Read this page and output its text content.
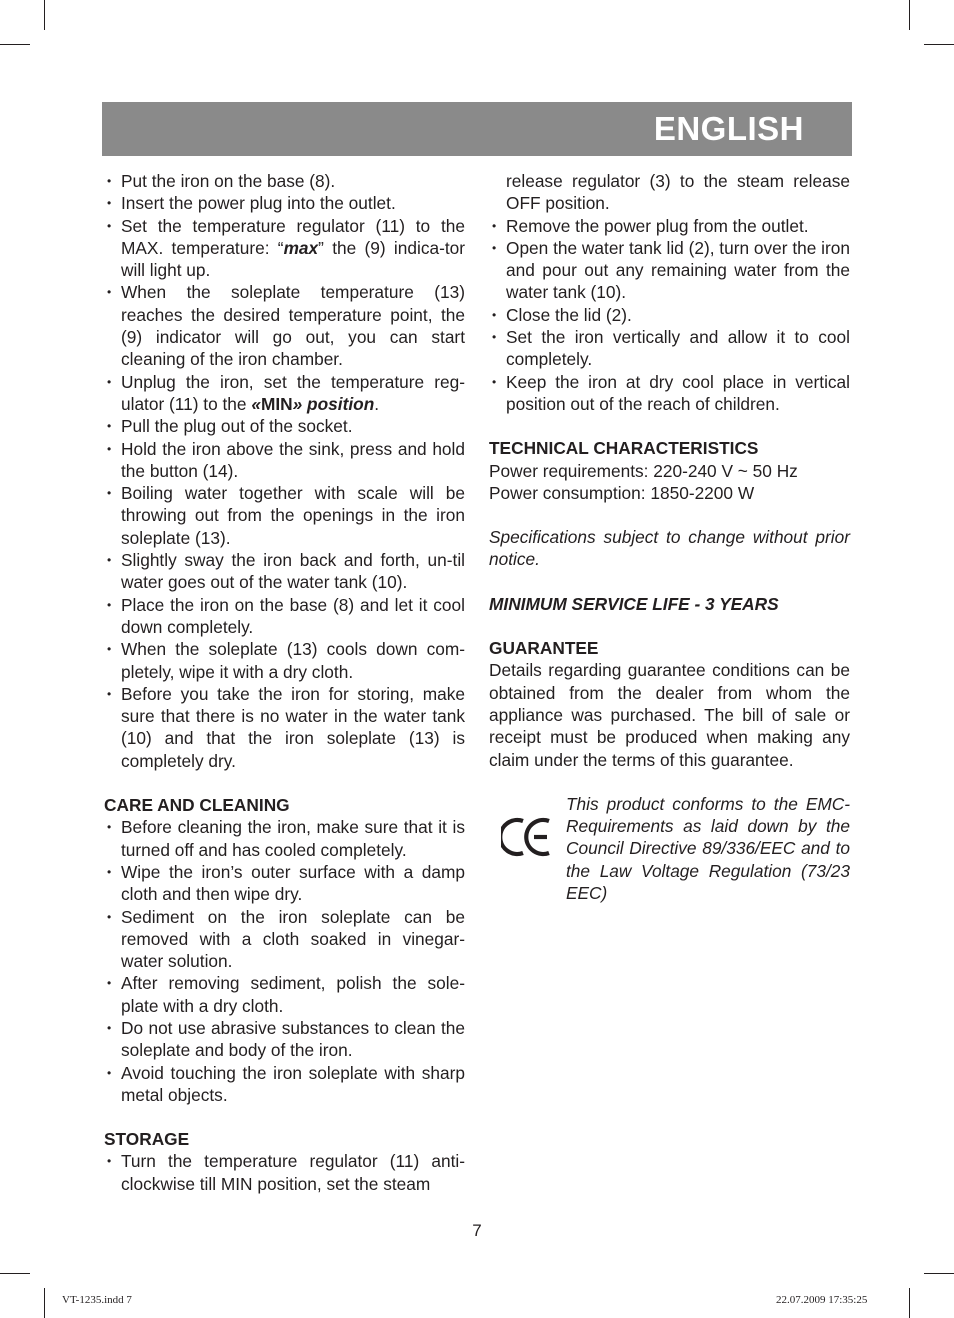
ENGLISH
• Put the iron on the base (8).
• Insert the power plug into the outlet.
• Set the temperature regulator (11) to the MAX. temperature: “max” the (9) indica-tor will light up.
• When the soleplate temperature (13) reaches the desired temperature point, the (9) indicator will go out, you can start cleaning of the iron chamber.
• Unplug the iron, set the temperature reg-ulator (11) to the «MIN» position.
• Pull the plug out of the socket.
• Hold the iron above the sink, press and hold the button (14).
• Boiling water together with scale will be throwing out from the openings in the iron soleplate (13).
• Slightly sway the iron back and forth, un-til water goes out of the water tank (10).
• Place the iron on the base (8) and let it cool down completely.
• When the soleplate (13) cools down com-pletely, wipe it with a dry cloth.
• Before you take the iron for storing, make sure that there is no water in the water tank (10) and that the iron soleplate (13) is completely dry.
CARE AND CLEANING
• Before cleaning the iron, make sure that it is turned off and has cooled completely.
• Wipe the iron’s outer surface with a damp cloth and then wipe dry.
• Sediment on the iron soleplate can be removed with a cloth soaked in vinegar-water solution.
• After removing sediment, polish the sole-plate with a dry cloth.
• Do not use abrasive substances to clean the soleplate and body of the iron.
• Avoid touching the iron soleplate with sharp metal objects.
STORAGE
• Turn the temperature regulator (11) anti-clockwise till MIN position, set the steam
release regulator (3) to the steam release OFF position.
• Remove the power plug from the outlet.
• Open the water tank lid (2), turn over the iron and pour out any remaining water from the water tank (10).
• Close the lid (2).
• Set the iron vertically and allow it to cool completely.
• Keep the iron at dry cool place in vertical position out of the reach of children.
TECHNICAL CHARACTERISTICS
Power requirements: 220-240 V ~ 50 Hz
Power consumption: 1850-2200 W
Specifications subject to change without prior notice.
MINIMUM SERVICE LIFE - 3 YEARS
GUARANTEE
Details regarding guarantee conditions can be obtained from the dealer from whom the appliance was purchased. The bill of sale or receipt must be produced when making any claim under the terms of this guarantee.
This product conforms to the EMC-Requirements as laid down by the Council Directive 89/336/EEC and to the Law Voltage Regulation (73/23 EEC)
7
VT-1235.indd 7	22.07.2009 17:35:25
